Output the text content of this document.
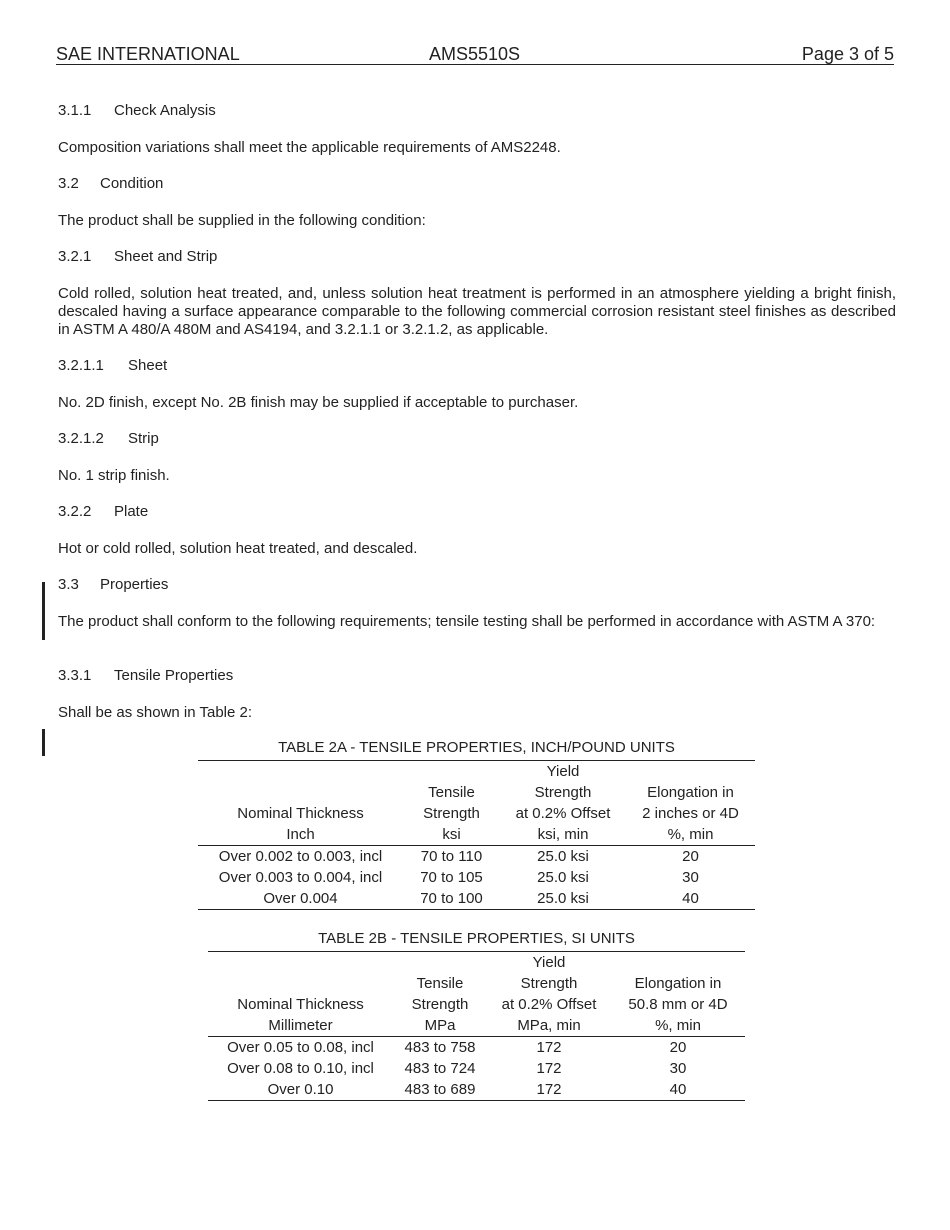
SAE INTERNATIONAL	AMS5510S	Page 3 of 5
3.1.1 Check Analysis
Composition variations shall meet the applicable requirements of AMS2248.
3.2 Condition
The product shall be supplied in the following condition:
3.2.1 Sheet and Strip
Cold rolled, solution heat treated, and, unless solution heat treatment is performed in an atmosphere yielding a bright finish, descaled having a surface appearance comparable to the following commercial corrosion resistant steel finishes as described in ASTM A 480/A 480M and AS4194, and 3.2.1.1 or 3.2.1.2, as applicable.
3.2.1.1 Sheet
No. 2D finish, except No. 2B finish may be supplied if acceptable to purchaser.
3.2.1.2 Strip
No. 1 strip finish.
3.2.2 Plate
Hot or cold rolled, solution heat treated, and descaled.
3.3 Properties
The product shall conform to the following requirements; tensile testing shall be performed in accordance with ASTM A 370:
3.3.1 Tensile Properties
Shall be as shown in Table 2:
TABLE 2A - TENSILE PROPERTIES, INCH/POUND UNITS
		Yield	
	Tensile	Strength	Elongation in
Nominal Thickness	Strength	at 0.2% Offset	2 inches or 4D
Inch	ksi	ksi, min	%, min
Over 0.002 to 0.003, incl	70 to 110	25.0 ksi	20
Over 0.003 to 0.004, incl	70 to 105	25.0 ksi	30
Over 0.004	70 to 100	25.0 ksi	40
TABLE 2B - TENSILE PROPERTIES, SI UNITS
		Yield	
	Tensile	Strength	Elongation in
Nominal Thickness	Strength	at 0.2% Offset	50.8 mm or 4D
Millimeter	MPa	MPa, min	%, min
Over 0.05 to 0.08, incl	483 to 758	172	20
Over 0.08 to 0.10, incl	483 to 724	172	30
Over 0.10	483 to 689	172	40
